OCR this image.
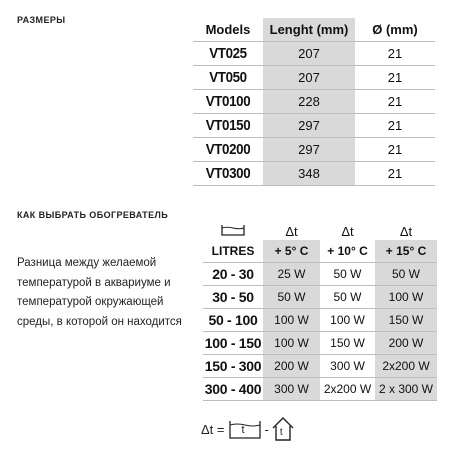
РАЗМЕРЫ
Models	Lenght (mm)	Ø (mm)
VT025	207	21
VT050	207	21
VT0100	228	21
VT0150	297	21
VT0200	297	21
VT0300	348	21
КАК ВЫБРАТЬ ОБОГРЕВАТЕЛЬ
Разница между желаемой температурой в аквариуме и температурой окружающей среды, в которой он находится
	Δt	Δt	Δt
LITRES	+ 5° C	+ 10° C	+ 15° C
20 - 30	25 W	50 W	50 W
30 - 50	50 W	50 W	100 W
50 - 100	100 W	100 W	150 W
100 - 150	100 W	150 W	200 W
150 - 300	200 W	300 W	2x200 W
300 - 400	300 W	2x200 W	2 x 300 W
Δt = t - t
